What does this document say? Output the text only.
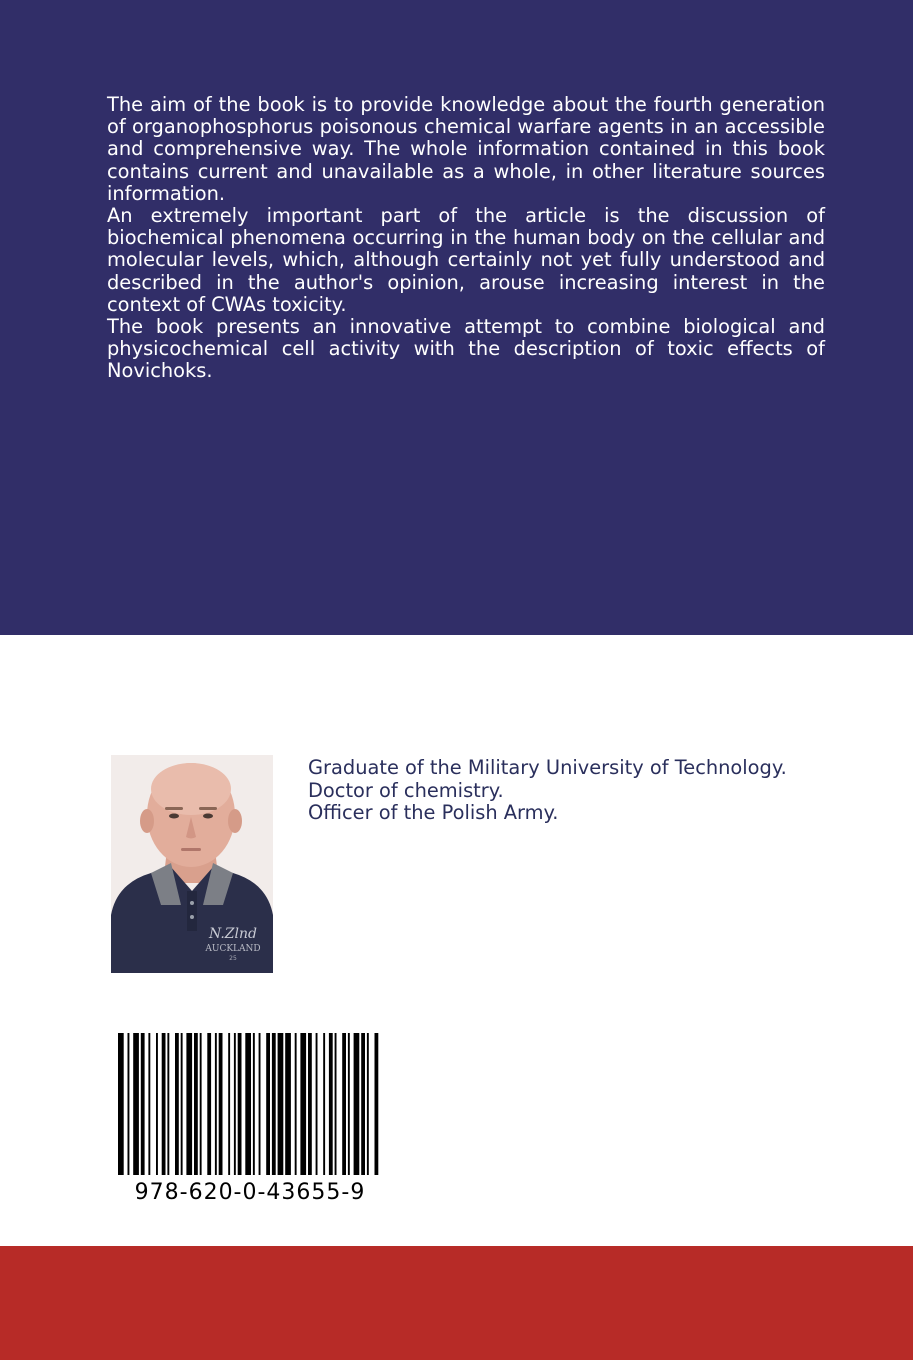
The aim of the book is to provide knowledge about the fourth generation of organophosphorus poisonous chemical warfare agents in an accessible and comprehensive way. The whole information contained in this book contains current and unavailable as a whole, in other literature sources information.

An extremely important part of the article is the discussion of biochemical phenomena occurring in the human body on the cellular and molecular levels, which, although certainly not yet fully understood and described in the author's opinion, arouse increasing interest in the context of CWAs toxicity.

The book presents an innovative attempt to combine biological and physicochemical cell activity with the description of toxic effects of Novichoks.

N.Zlnd
AUCKLAND
25
Graduate of the Military University of Technology.
Doctor of chemistry.
Officer of the Polish Army.
978-620-0-43655-9
